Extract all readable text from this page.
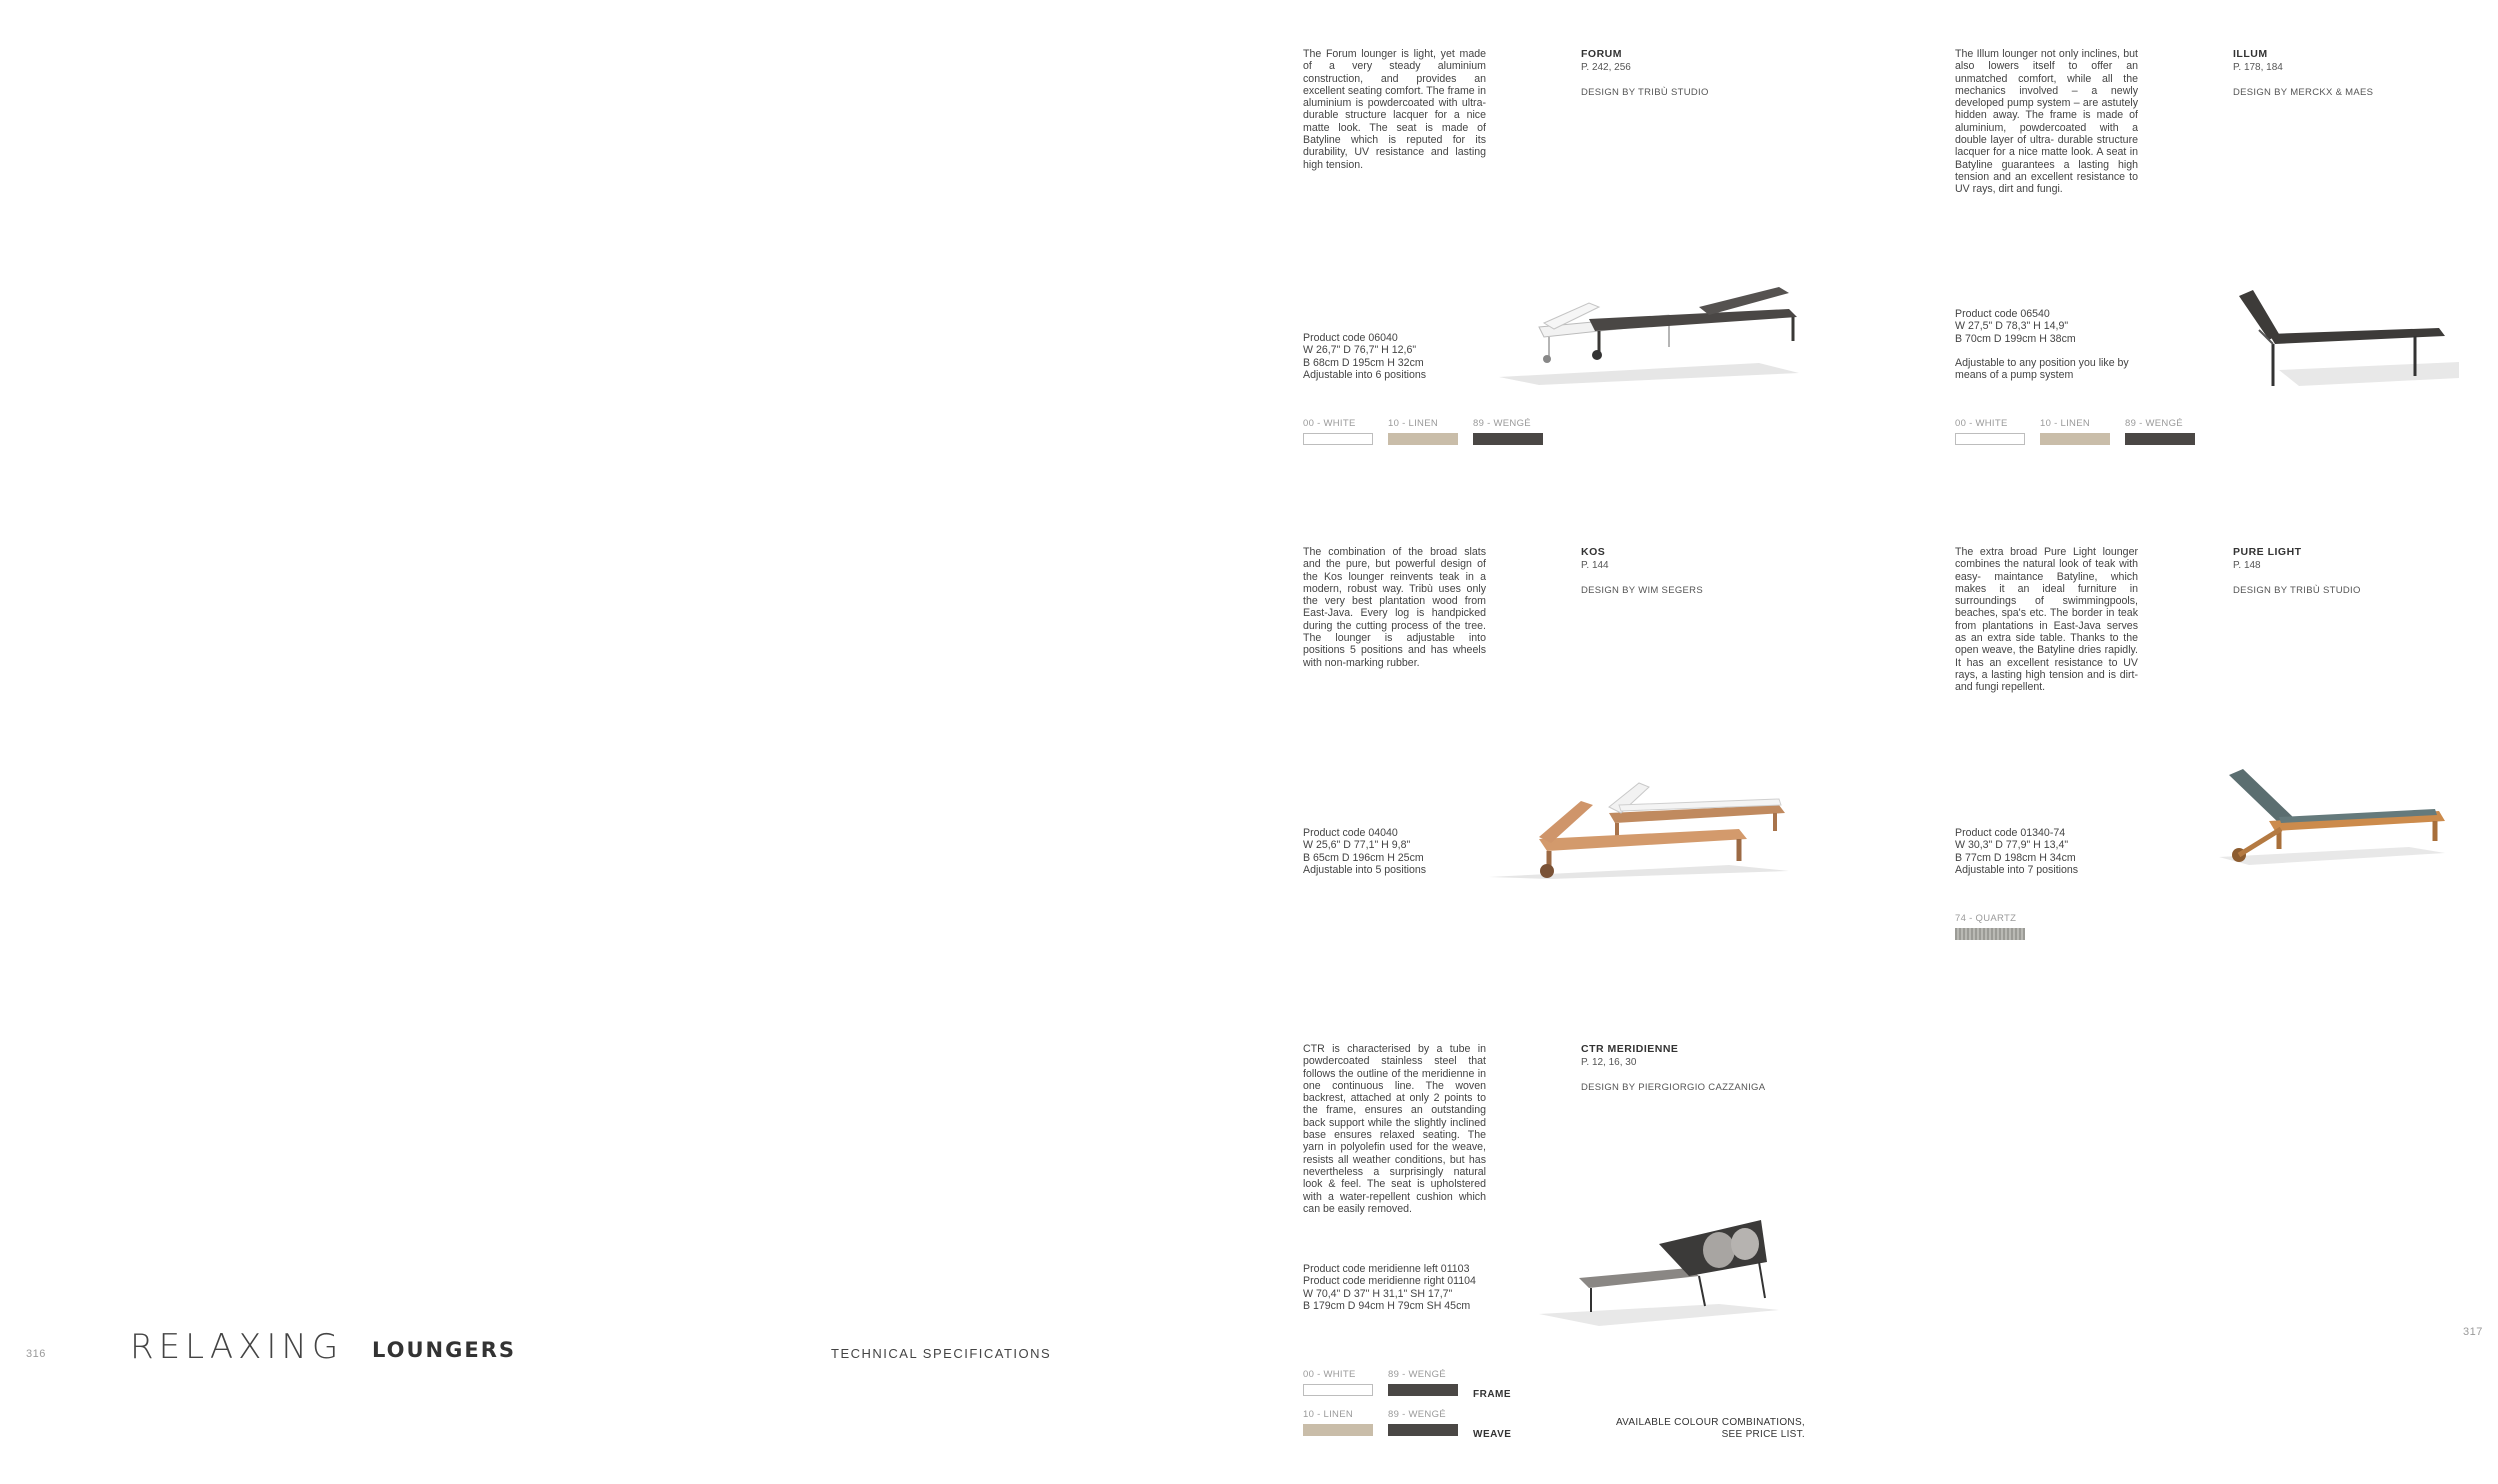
316 RELAXING LOUNGERS	TECHNICAL SPECIFICATIONS
317
The Forum lounger is light, yet made of a very steady aluminium construction, and provides an excellent seating comfort. The frame in aluminium is powdercoated with ultra-durable structure lacquer for a nice matte look. The seat is made of Batyline which is reputed for its durability, UV resistance and lasting high tension.
FORUM
P. 242, 256
DESIGN BY TRIBÙ STUDIO
Product code 06040
W 26,7" D 76,7" H 12,6"
B 68cm D 195cm H 32cm
Adjustable into 6 positions
00 - WHITE	10 - LINEN	89 - WENGÉ
The Illum lounger not only inclines, but also lowers itself to offer an unmatched comfort, while all the mechanics involved – a newly developed pump system – are astutely hidden away. The frame is made of aluminium, powdercoated with a double layer of ultra- durable structure lacquer for a nice matte look. A seat in Batyline guarantees a lasting high tension and an excellent resistance to UV rays, dirt and fungi.
ILLUM
P. 178, 184
DESIGN BY MERCKX & MAES
Product code 06540
W 27,5" D 78,3" H 14,9"
B 70cm D 199cm H 38cm
Adjustable to any position you like by
means of a pump system
00 - WHITE	10 - LINEN	89 - WENGÉ
The combination of the broad slats and the pure, but powerful design of the Kos lounger reinvents teak in a modern, robust way. Tribù uses only the very best plantation wood from East-Java. Every log is handpicked during the cutting process of the tree. The lounger is adjustable into positions 5 positions and has wheels with non-marking rubber.
KOS
P. 144
DESIGN BY WIM SEGERS
Product code 04040
W 25,6" D 77,1" H 9,8"
B 65cm D 196cm H 25cm
Adjustable into 5 positions
The extra broad Pure Light lounger combines the natural look of teak with easy- maintance Batyline, which makes it an ideal furniture in surroundings of swimmingpools, beaches, spa's etc. The border in teak from plantations in East-Java serves as an extra side table. Thanks to the open weave, the Batyline dries rapidly. It has an excellent resistance to UV rays, a lasting high tension and is dirt- and fungi repellent.
PURE LIGHT
P. 148
DESIGN BY TRIBÙ STUDIO
Product code 01340-74
W 30,3" D 77,9" H 13,4"
B 77cm D 198cm H 34cm
Adjustable into 7 positions
74 - QUARTZ
CTR is characterised by a tube in powdercoated stainless steel that follows the outline of the meridienne in one continuous line. The woven backrest, attached at only 2 points to the frame, ensures an outstanding back support while the slightly inclined base ensures relaxed seating. The yarn in polyolefin used for the weave, resists all weather conditions, but has nevertheless a surprisingly natural look & feel. The seat is upholstered with a water-repellent cushion which can be easily removed.
CTR MERIDIENNE
P. 12, 16, 30
DESIGN BY PIERGIORGIO CAZZANIGA
Product code meridienne left 01103
Product code meridienne right 01104
W 70,4" D 37" H 31,1" SH 17,7"
B 179cm D 94cm H 79cm SH 45cm
00 - WHITE	89 - WENGÉ
FRAME
10 - LINEN	89 - WENGÉ
WEAVE
AVAILABLE COLOUR COMBINATIONS,
SEE PRICE LIST.
